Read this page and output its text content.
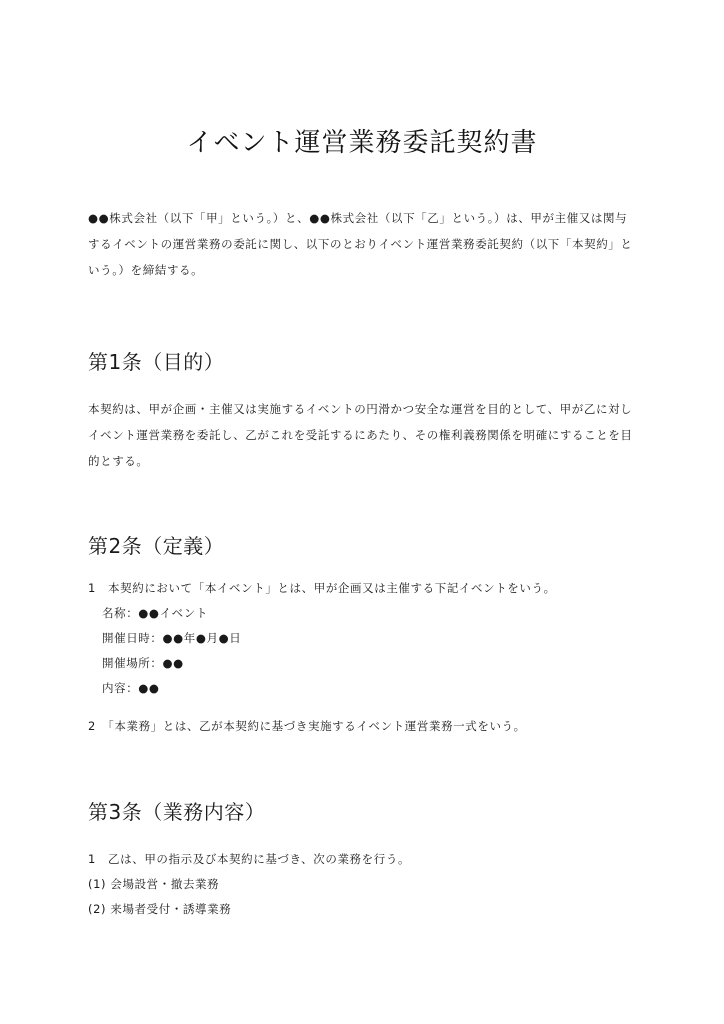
イベント運営業務委託契約書
●●株式会社（以下「甲」という。）と、●●株式会社（以下「乙」という。）は、甲が主催又は関与
するイベントの運営業務の委託に関し、以下のとおりイベント運営業務委託契約（以下「本契約」と
いう。）を締結する。
第1条（目的）
本契約は、甲が企画・主催又は実施するイベントの円滑かつ安全な運営を目的として、甲が乙に対し
イベント運営業務を委託し、乙がこれを受託するにあたり、その権利義務関係を明確にすることを目
的とする。
第2条（定義）
1　本契約において「本イベント」とは、甲が企画又は主催する下記イベントをいう。
名称：●●イベント
開催日時：●●年●月●日
開催場所：●●
内容：●●
2　「本業務」とは、乙が本契約に基づき実施するイベント運営業務一式をいう。
第3条（業務内容）
1　乙は、甲の指示及び本契約に基づき、次の業務を行う。
(1) 会場設営・撤去業務
(2) 来場者受付・誘導業務
